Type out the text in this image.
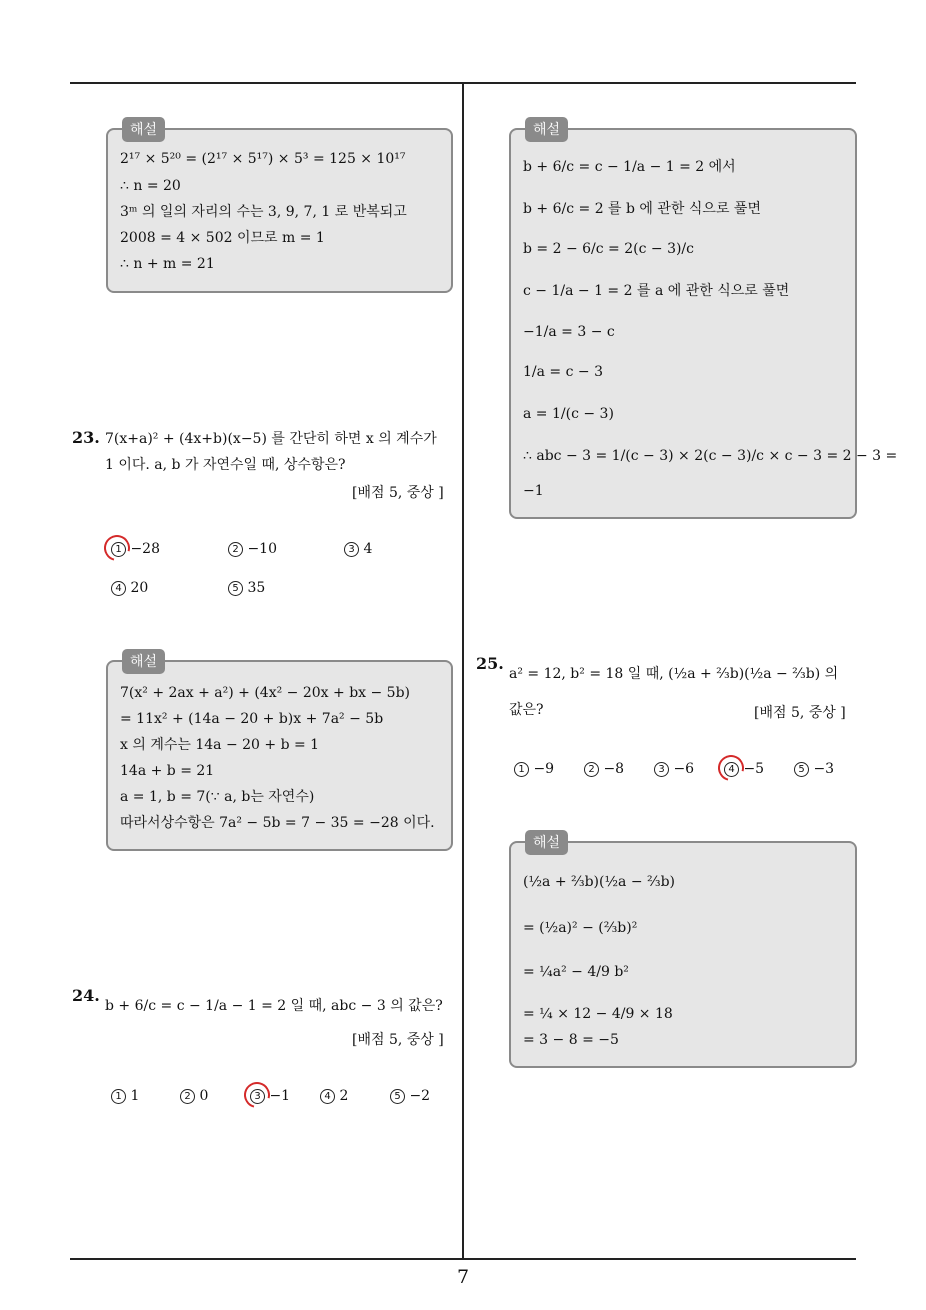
해설
2¹⁷ × 5²⁰ = (2¹⁷ × 5¹⁷) × 5³ = 125 × 10¹⁷
∴ n = 20
3ᵐ 의 일의 자리의 수는 3, 9, 7, 1 로 반복되고
2008 = 4 × 502 이므로 m = 1
∴ n + m = 21
23. 7(x+a)² + (4x+b)(x−5) 를 간단히 하면 x 의 계수가
1 이다. a, b 가 자연수일 때, 상수항은?
[배점 5, 중상 ]
1 −28	2 −10	3 4
4 20	5 35
해설
7(x² + 2ax + a²) + (4x² − 20x + bx − 5b)
= 11x² + (14a − 20 + b)x + 7a² − 5b
x 의 계수는 14a − 20 + b = 1
14a + b = 21
a = 1, b = 7(∵ a, b는 자연수)
따라서상수항은 7a² − 5b = 7 − 35 = −28 이다.
24.
b + 6/c = c − 1/a − 1 = 2 일 때, abc − 3 의 값은?
[배점 5, 중상 ]
1 1	2 0	3 −1	4 2	5 −2
해설
b + 6/c = c − 1/a − 1 = 2 에서
b + 6/c = 2 를 b 에 관한 식으로 풀면
b = 2 − 6/c = 2(c − 3)/c
c − 1/a − 1 = 2 를 a 에 관한 식으로 풀면
−1/a = 3 − c
1/a = c − 3
a = 1/(c − 3)
∴ abc − 3 = 1/(c − 3) × 2(c − 3)/c × c − 3 = 2 − 3 =
−1
25.
a² = 12, b² = 18 일 때, (½a + ⅔b)(½a − ⅔b) 의
값은?	[배점 5, 중상 ]
1 −9	2 −8	3 −6	4 −5	5 −3
해설
(½a + ⅔b)(½a − ⅔b)
= (½a)² − (⅔b)²
= ¼a² − 4/9 b²
= ¼ × 12 − 4/9 × 18
= 3 − 8 = −5
7
